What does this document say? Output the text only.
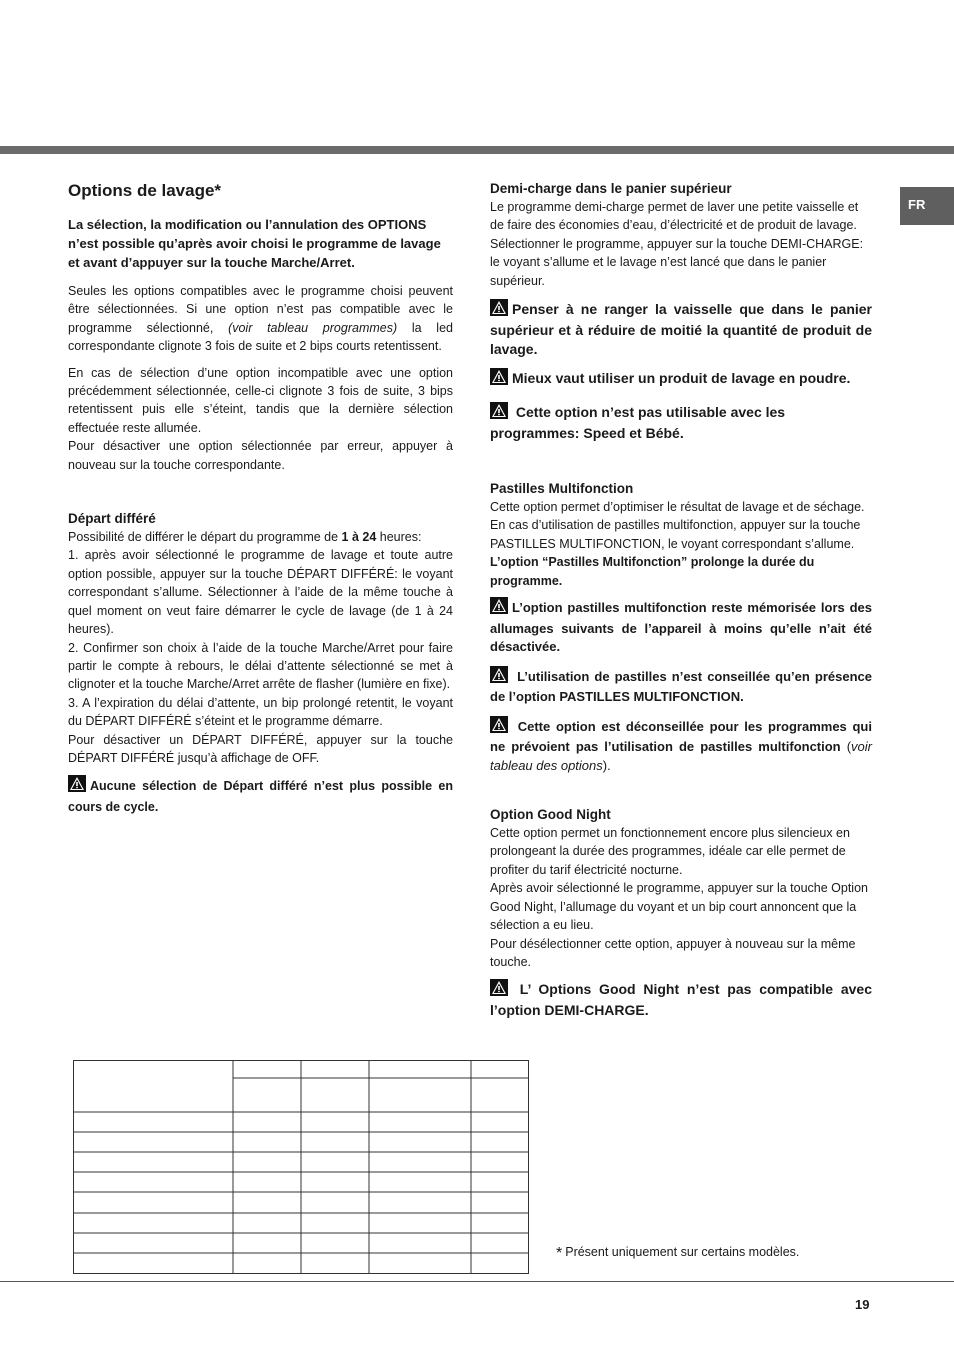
FR
Options de lavage*

La sélection, la modification ou l’annulation des OPTIONS n’est possible qu’après avoir choisi le programme de lavage et avant d’appuyer sur la touche Marche/Arret.

Seules les options compatibles avec le programme choisi peuvent être sélectionnées. Si une option n’est pas compatible avec le programme sélectionné, (voir tableau programmes) la led correspondante clignote 3 fois de suite et 2 bips courts retentissent.

En cas de sélection d’une option incompatible avec une option précédemment sélectionnée, celle-ci clignote 3 fois de suite, 3 bips retentissent puis elle s’éteint, tandis que la dernière sélection effectuée reste allumée.

Pour désactiver une option sélectionnée par erreur, appuyer à nouveau sur la touche correspondante.

Départ différé

Possibilité de différer le départ du programme de 1 à 24 heures:

1. après avoir sélectionné le programme de lavage et toute autre option possible, appuyer sur la touche DÉPART DIFFÉRÉ: le voyant correspondant s’allume. Sélectionner à l’aide de la même touche à quel moment on veut faire démarrer le cycle de lavage (de 1 à 24 heures).

2. Confirmer son choix à l’aide de la touche Marche/Arret pour faire partir le compte à rebours, le délai d’attente sélectionné se met à clignoter et la touche Marche/Arret arrête de flasher (lumière en fixe).

3. A l’expiration du délai d’attente, un bip prolongé retentit, le voyant du DÉPART DIFFÉRÉ s’éteint et le programme démarre.

Pour désactiver un DÉPART DIFFÉRÉ, appuyer sur la touche DÉPART DIFFÉRÉ jusqu’à affichage de OFF.

Aucune sélection de Départ différé n’est plus possible en cours de cycle.

Demi-charge dans le panier supérieur

Le programme demi-charge permet de laver une petite vaisselle et de faire des économies d’eau, d’électricité et de produit de lavage. Sélectionner le programme, appuyer sur la touche DEMI-CHARGE: le voyant s’allume et le lavage n’est lancé que dans le panier supérieur.

Penser à ne ranger la vaisselle que dans le panier supérieur et à réduire de moitié la quantité de produit de lavage.

Mieux vaut utiliser un produit de lavage en poudre.

Cette option n’est pas utilisable avec les programmes: Speed et Bébé.

Pastilles Multifonction

Cette option permet d’optimiser le résultat de lavage et de séchage.

En cas d’utilisation de pastilles multifonction, appuyer sur la touche PASTILLES MULTIFONCTION, le voyant correspondant s’allume. L’option “Pastilles Multifonction” prolonge la durée du programme.

L’option pastilles multifonction reste mémorisée lors des allumages suivants de l’appareil à moins qu’elle n’ait été désactivée.

L’utilisation de pastilles n’est conseillée qu’en présence de l’option PASTILLES MULTIFONCTION.

Cette option est déconseillée pour les programmes qui ne prévoient pas l’utilisation de pastilles multifonction (voir tableau des options).

Option Good Night

Cette option permet un fonctionnement encore plus silencieux en prolongeant la durée des programmes, idéale car elle permet de profiter du tarif électricité nocturne.

Après avoir sélectionné le programme, appuyer sur la touche Option Good Night, l’allumage du voyant et un bip court annoncent que la sélection a eu lieu.

Pour désélectionner cette option, appuyer à nouveau sur la même touche.

L’ Options Good Night n’est pas compatible avec l’option DEMI-CHARGE.

* Présent uniquement sur certains modèles.
19
